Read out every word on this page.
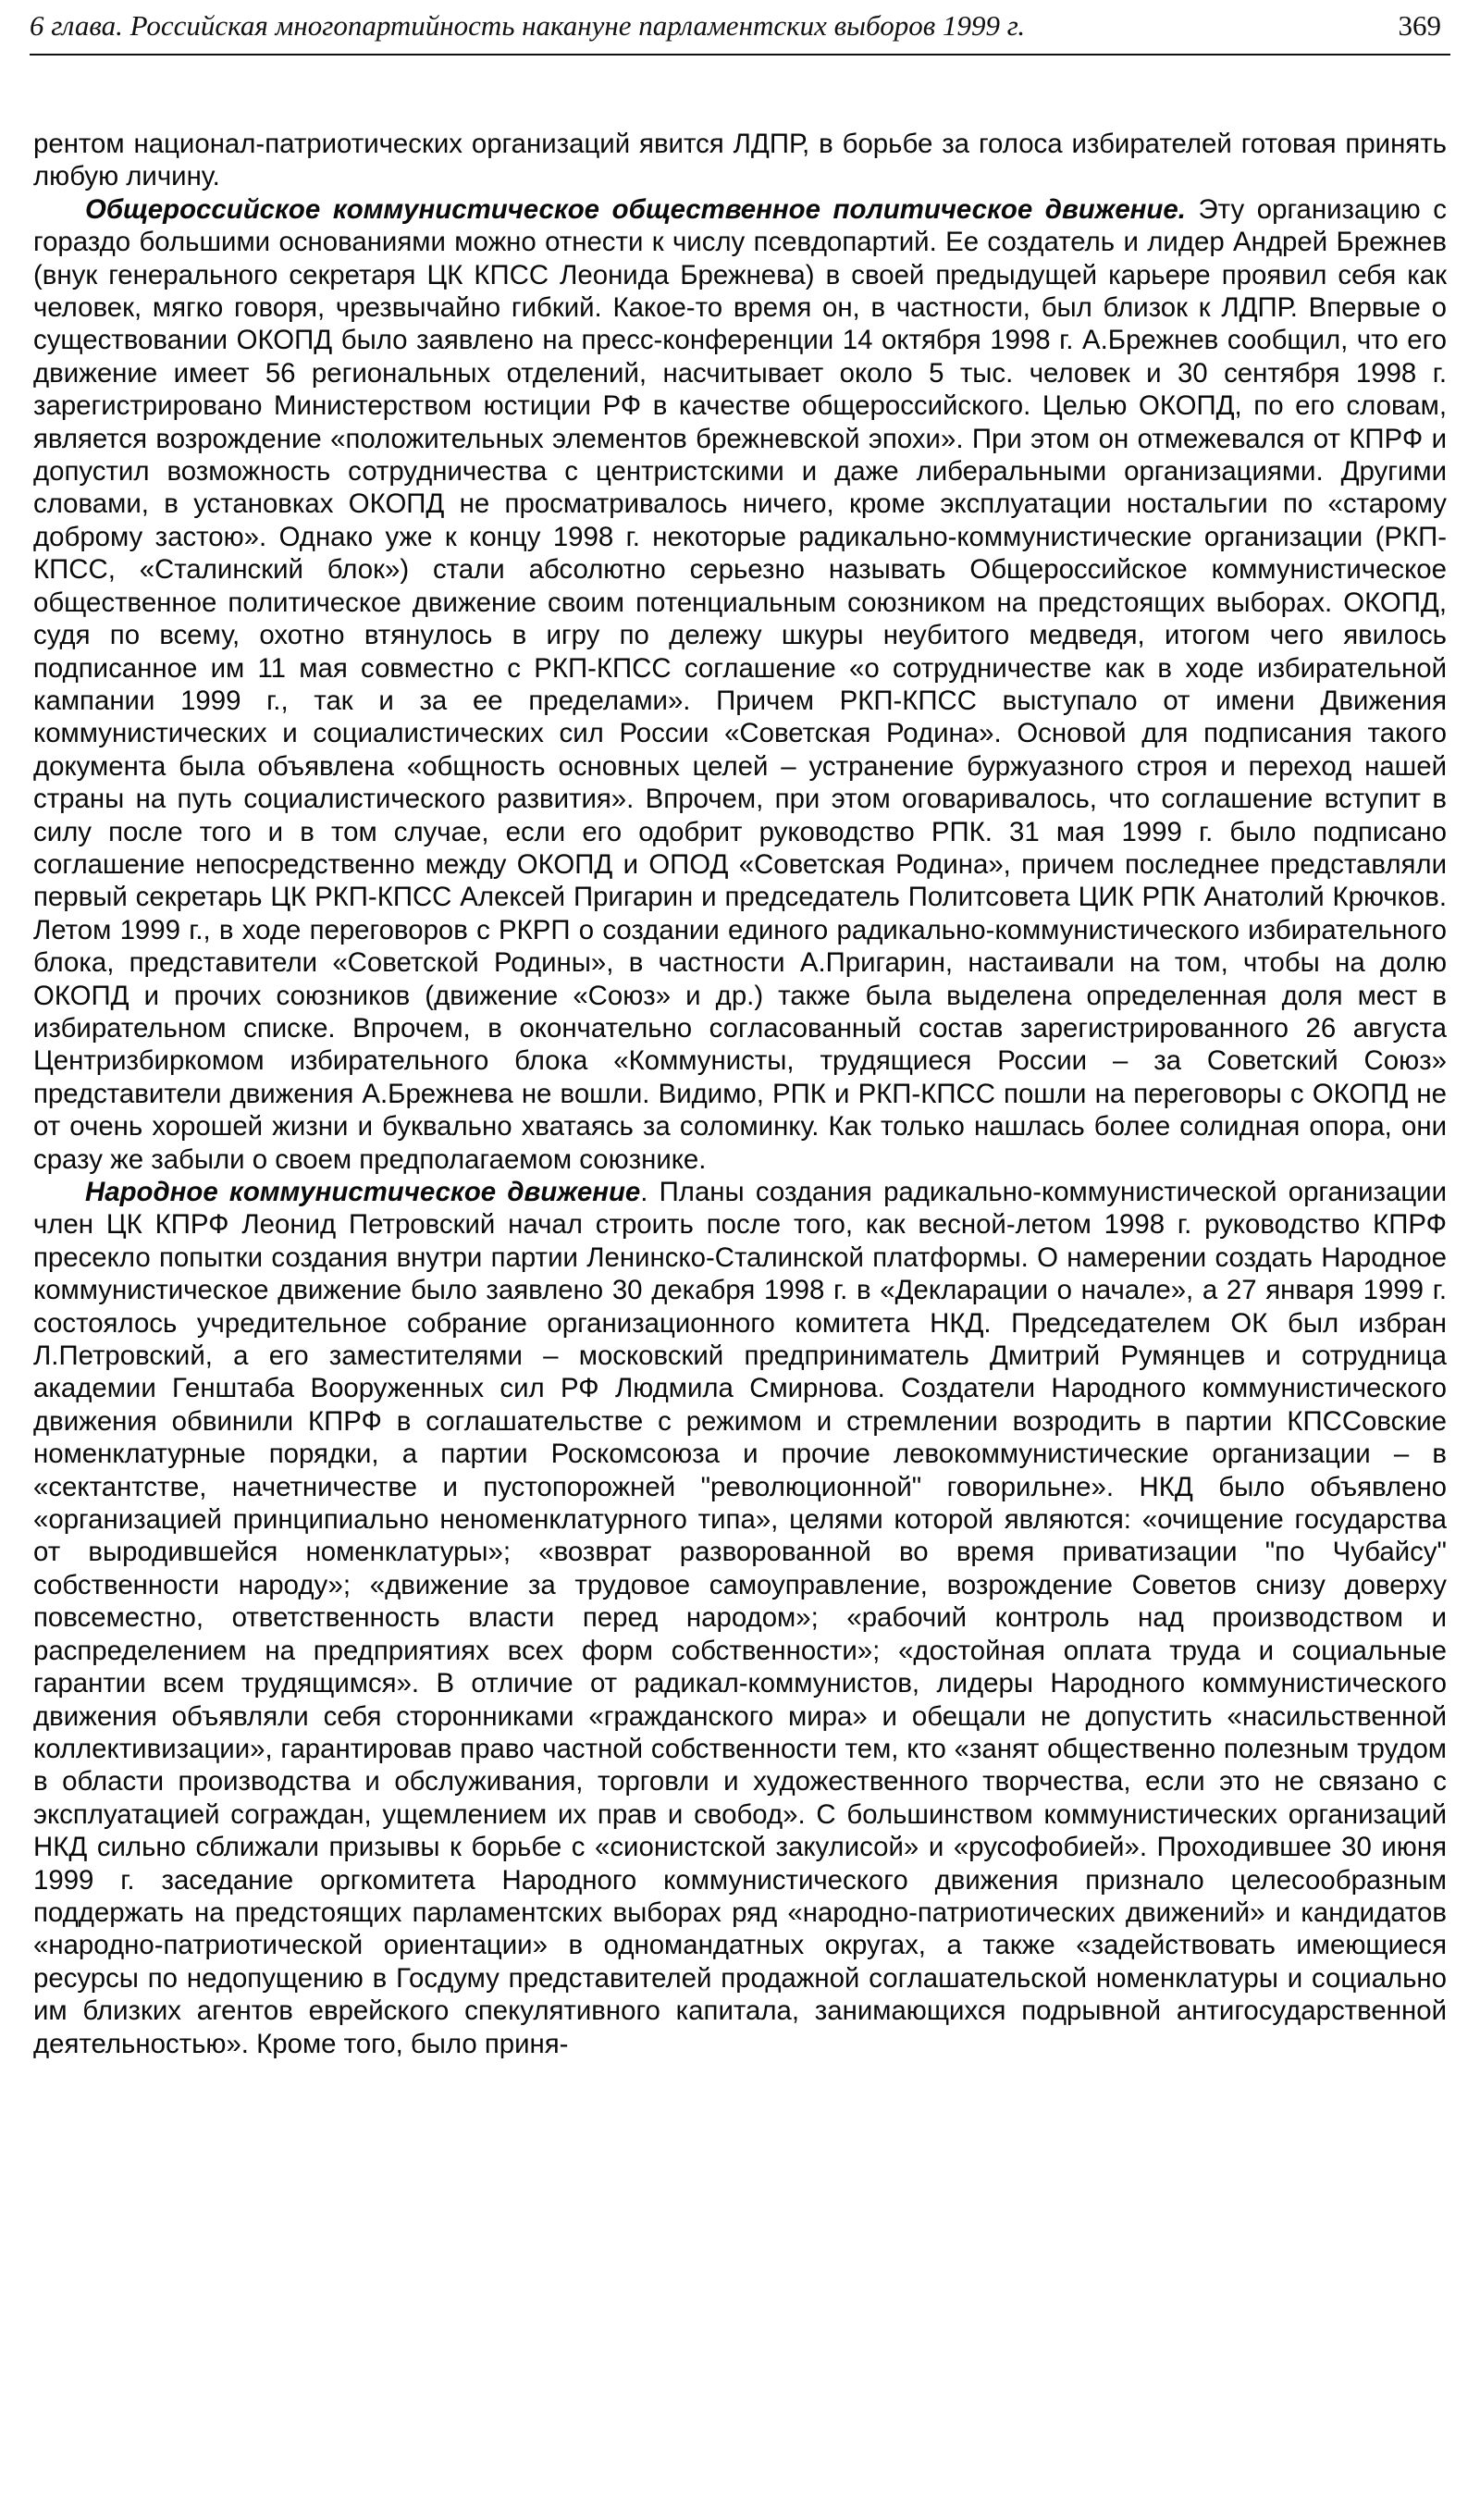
6 глава. Российская многопартийность накануне парламентских выборов 1999 г.	369

рентом национал-патриотических организаций явится ЛДПР, в борьбе за голоса избирателей готовая принять любую личину.

Общероссийское коммунистическое общественное политическое движение. Эту организацию с гораздо большими основаниями можно отнести к числу псевдопартий. Ее создатель и лидер Андрей Брежнев (внук генерального секретаря ЦК КПСС Леонида Брежнева) в своей предыдущей карьере проявил себя как человек, мягко говоря, чрезвычайно гибкий. Какое-то время он, в частности, был близок к ЛДПР. Впервые о существовании ОКОПД было заявлено на пресс-конференции 14 октября 1998 г. А.Брежнев сообщил, что его движение имеет 56 региональных отделений, насчитывает около 5 тыс. человек и 30 сентября 1998 г. зарегистрировано Министерством юстиции РФ в качестве общероссийского. Целью ОКОПД, по его словам, является возрождение «положительных элементов брежневской эпохи». При этом он отмежевался от КПРФ и допустил возможность сотрудничества с центристскими и даже либеральными организациями. Другими словами, в установках ОКОПД не просматривалось ничего, кроме эксплуатации ностальгии по «старому доброму застою». Однако уже к концу 1998 г. некоторые радикально-коммунистические организации (РКП-КПСС, «Сталинский блок») стали абсолютно серьезно называть Общероссийское коммунистическое общественное политическое движение своим потенциальным союзником на предстоящих выборах. ОКОПД, судя по всему, охотно втянулось в игру по дележу шкуры неубитого медведя, итогом чего явилось подписанное им 11 мая совместно с РКП-КПСС соглашение «о сотрудничестве как в ходе избирательной кампании 1999 г., так и за ее пределами». Причем РКП-КПСС выступало от имени Движения коммунистических и социалистических сил России «Советская Родина». Основой для подписания такого документа была объявлена «общность основных целей – устранение буржуазного строя и переход нашей страны на путь социалистического развития». Впрочем, при этом оговаривалось, что соглашение вступит в силу после того и в том случае, если его одобрит руководство РПК. 31 мая 1999 г. было подписано соглашение непосредственно между ОКОПД и ОПОД «Советская Родина», причем последнее представляли первый секретарь ЦК РКП-КПСС Алексей Пригарин и председатель Политсовета ЦИК РПК Анатолий Крючков. Летом 1999 г., в ходе переговоров с РКРП о создании единого радикально-коммунистического избирательного блока, представители «Советской Родины», в частности А.Пригарин, настаивали на том, чтобы на долю ОКОПД и прочих союзников (движение «Союз» и др.) также была выделена определенная доля мест в избирательном списке. Впрочем, в окончательно согласованный состав зарегистрированного 26 августа Центризбиркомом избирательного блока «Коммунисты, трудящиеся России – за Советский Союз» представители движения А.Брежнева не вошли. Видимо, РПК и РКП-КПСС пошли на переговоры с ОКОПД не от очень хорошей жизни и буквально хватаясь за соломинку. Как только нашлась более солидная опора, они сразу же забыли о своем предполагаемом союзнике.

Народное коммунистическое движение. Планы создания радикально-коммунистической организации член ЦК КПРФ Леонид Петровский начал строить после того, как весной-летом 1998 г. руководство КПРФ пресекло попытки создания внутри партии Ленинско-Сталинской платформы. О намерении создать Народное коммунистическое движение было заявлено 30 декабря 1998 г. в «Декларации о начале», а 27 января 1999 г. состоялось учредительное собрание организационного комитета НКД. Председателем ОК был избран Л.Петровский, а его заместителями – московский предприниматель Дмитрий Румянцев и сотрудница академии Генштаба Вооруженных сил РФ Людмила Смирнова. Создатели Народного коммунистического движения обвинили КПРФ в соглашательстве с режимом и стремлении возродить в партии КПССовские номенклатурные порядки, а партии Роскомсоюза и прочие левокоммунистические организации – в «сектантстве, начетничестве и пустопорожней "революционной" говорильне». НКД было объявлено «организацией принципиально неноменклатурного типа», целями которой являются: «очищение государства от выродившейся номенклатуры»; «возврат разворованной во время приватизации "по Чубайсу" собственности народу»; «движение за трудовое самоуправление, возрождение Советов снизу доверху повсеместно, ответственность власти перед народом»; «рабочий контроль над производством и распределением на предприятиях всех форм собственности»; «достойная оплата труда и социальные гарантии всем трудящимся». В отличие от радикал-коммунистов, лидеры Народного коммунистического движения объявляли себя сторонниками «гражданского мира» и обещали не допустить «насильственной коллективизации», гарантировав право частной собственности тем, кто «занят общественно полезным трудом в области производства и обслуживания, торговли и художественного творчества, если это не связано с эксплуатацией сограждан, ущемлением их прав и свобод». С большинством коммунистических организаций НКД сильно сближали призывы к борьбе с «сионистской закулисой» и «русофобией». Проходившее 30 июня 1999 г. заседание оргкомитета Народного коммунистического движения признало целесообразным поддержать на предстоящих парламентских выборах ряд «народно-патриотических движений» и кандидатов «народно-патриотической ориентации» в одномандатных округах, а также «задействовать имеющиеся ресурсы по недопущению в Госдуму представителей продажной соглашательской номенклатуры и социально им близких агентов еврейского спекулятивного капитала, занимающихся подрывной антигосударственной деятельностью». Кроме того, было приня-
